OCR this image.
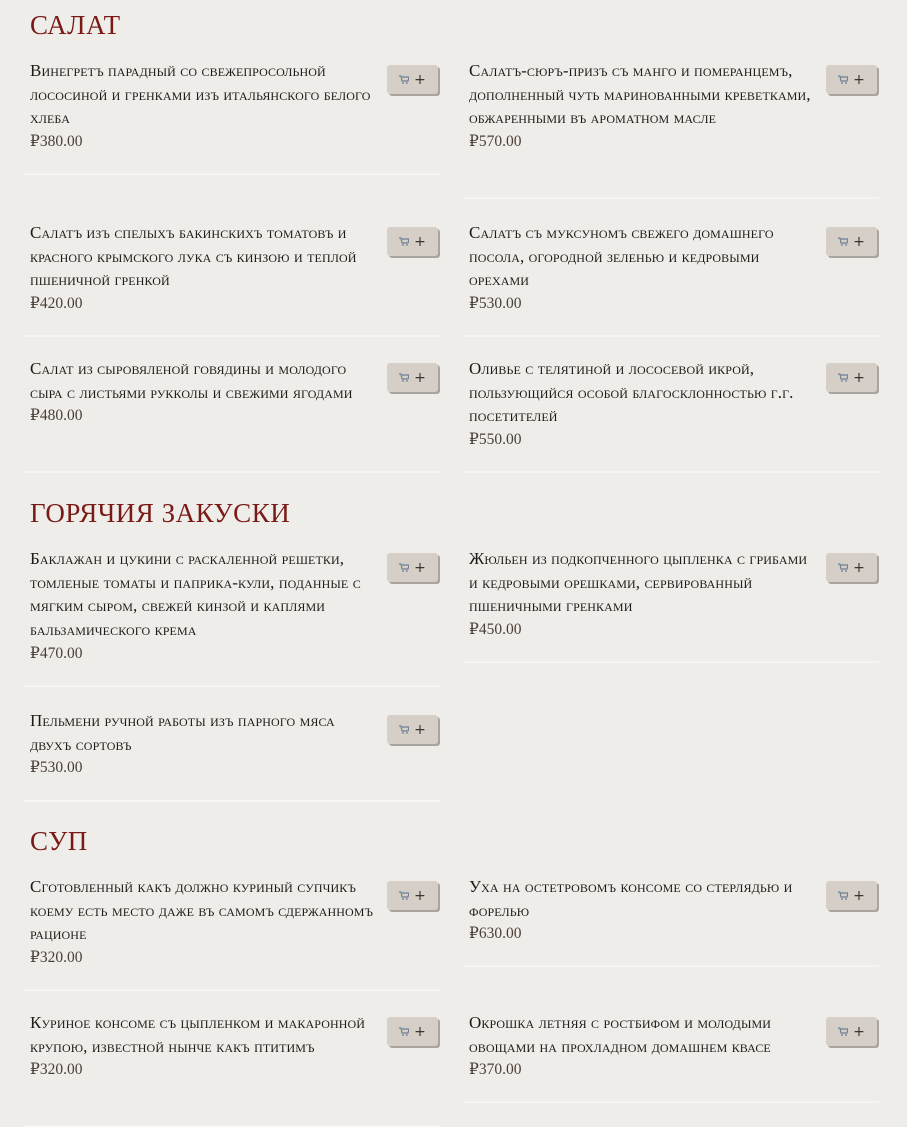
САЛАТ
Винегретъ парадный со свежепросольной лососиной и гренками изъ итальянского белого хлеба
₽380.00
+	салатъ-сюръ-призъ съ манго и померанцемъ, дополненный чуть маринованными креветками, обжаренными въ ароматном масле
₽570.00
+
Салатъ изъ спелыхъ бакинскихъ томатовъ и красного крымского лука съ кинзою и теплой пшеничной гренкой
₽420.00
+	салатъ съ муксуномъ свежего домашнего посола, огородной зеленью и кедровыми орехами
₽530.00
+
Салат из сыровяленой говядины и молодого сыра с листьями рукколы и свежими ягодами
₽480.00
+	оливье с телятиной и лососевой икрой, пользующийся особой благосклонностью г.г. посетителей
₽550.00
+
ГОРЯЧИЯ ЗАКУСКИ
Баклажан и цукини с раскаленной решетки, томленые томаты и паприка-кули, поданные с мягким сыром, свежей кинзой и каплями бальзамического крема
₽470.00
+	жюльен из подкопченного цыпленка с грибами и кедровыми орешками, сервированный пшеничными гренками
₽450.00
+
Пельмени ручной работы изъ парного мяса двухъ сортовъ
₽530.00
+
СУП
Сготовленный какъ должно куриный супчикъ коему есть место даже въ самомъ сдержанномъ рационе
₽320.00
+	уха на остетровомъ консоме со стерлядью и форелью
₽630.00
+
Куриное консоме съ цыпленком и макаронной крупою, известной нынче какъ птитимъ
₽320.00
+	окрошка летняя с ростбифом и молодыми овощами на прохладном домашнем квасе
₽370.00
+
